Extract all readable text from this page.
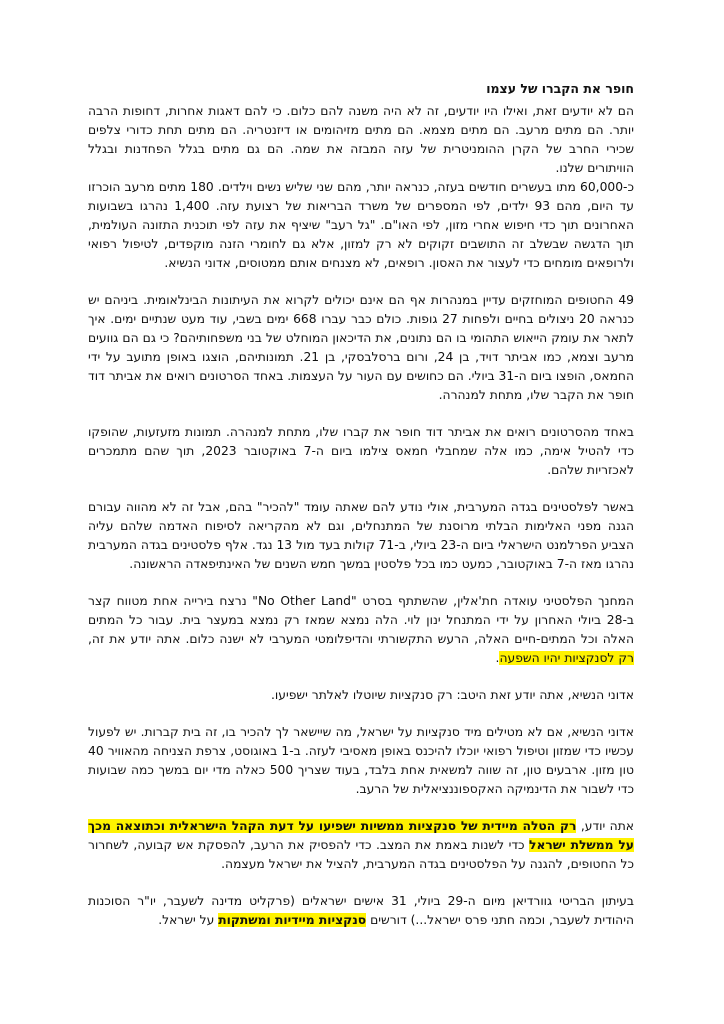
חופר את הקברו של עצמו

הם לא יודעים זאת, ואילו היו יודעים, זה לא היה משנה להם כלום. כי להם דאגות אחרות, דחופות הרבה יותר. הם מתים מרעב. הם מתים מצמא. הם מתים מזיהומים או דיזנטריה. הם מתים תחת כדורי צלפים שכירי החרב של הקרן ההומניטרית של עזה המבזה את שמה. הם גם מתים בגלל הפחדנות ובגלל הוויתורים שלנו.

כ-60,000 מתו בעשרים חודשים בעזה, כנראה יותר, מהם שני שליש נשים וילדים. 180 מתים מרעב הוכרזו עד היום, מהם 93 ילדים, לפי המספרים של משרד הבריאות של רצועת עזה. 1,400 נהרגו בשבועות האחרונים תוך כדי חיפוש אחרי מזון, לפי האו"ם. "גל רעב" שיציף את עזה לפי תוכנית התזונה העולמית, תוך הדגשה שבשלב זה התושבים זקוקים לא רק למזון, אלא גם לחומרי הזנה מוקפדים, לטיפול רפואי ולרופאים מומחים כדי לעצור את האסון. רופאים, לא מצנחים אותם ממטוסים, אדוני הנשיא.

49 החטופים המוחזקים עדיין במנהרות אף הם אינם יכולים לקרוא את העיתונות הבינלאומית. ביניהם יש כנראה 20 ניצולים בחיים ולפחות 27 גופות. כולם כבר עברו 668 ימים בשבי, עוד מעט שנתיים ימים. איך לתאר את עומק הייאוש התהומי בו הם נתונים, את הדיכאון המוחלט של בני משפחותיהם? כי גם הם גוועים מרעב וצמא, כמו אביתר דויד, בן 24, ורום ברסלבסקי, בן 21. תמונותיהם, הוצגו באופן מתועב על ידי החמאס, הופצו ביום ה-31 ביולי. הם כחושים עם העור על העצמות. באחד הסרטונים רואים את אביתר דוד חופר את הקבר שלו, מתחת למנהרה.

באחד מהסרטונים רואים את אביתר דוד חופר את קברו שלו, מתחת למנהרה. תמונות מזעזעות, שהופקו כדי להטיל אימה, כמו אלה שמחבלי חמאס צילמו ביום ה-7 באוקטובר 2023, תוך שהם מתמכרים לאכזריות שלהם.

באשר לפלסטינים בגדה המערבית, אולי נודע להם שאתה עומד "להכיר" בהם, אבל זה לא מהווה עבורם הגנה מפני האלימות הבלתי מרוסנת של המתנחלים, וגם לא מהקריאה לסיפוח האדמה שלהם עליה הצביע הפרלמנט הישראלי ביום ה-23 ביולי, ב-71 קולות בעד מול 13 נגד. אלף פלסטינים בגדה המערבית נהרגו מאז ה-7 באוקטובר, כמעט כמו בכל פלסטין במשך חמש השנים של האינתיפאדה הראשונה.

המחנך הפלסטיני עואדה חת'אלין, שהשתתף בסרט "No Other Land" נרצח בירייה אחת מטווח קצר ב-28 ביולי האחרון על ידי המתנחל ינון לוי. הלה נמצא שמאז רק נמצא במעצר בית. עבור כל המתים האלה וכל המתים-חיים האלה, הרעש התקשורתי והדיפלומטי המערבי לא ישנה כלום. אתה יודע את זה, רק לסנקציות יהיו השפעה.

אדוני הנשיא, אתה יודע זאת היטב: רק סנקציות שיוטלו לאלתר ישפיעו.

אדוני הנשיא, אם לא מטילים מיד סנקציות על ישראל, מה שיישאר לך להכיר בו, זה בית קברות. יש לפעול עכשיו כדי שמזון וטיפול רפואי יוכלו להיכנס באופן מאסיבי לעזה. ב-1 באוגוסט, צרפת הצניחה מהאוויר 40 טון מזון. ארבעים טון, זה שווה למשאית אחת בלבד, בעוד שצריך 500 כאלה מדי יום במשך כמה שבועות כדי לשבור את הדינמיקה האקספוננציאלית של הרעב.

אתה יודע, רק הטלה מיידית של סנקציות ממשיות ישפיעו על דעת הקהל הישראלית וכתוצאה מכך על ממשלת ישראל כדי לשנות באמת את המצב. כדי להפסיק את הרעב, להפסקת אש קבועה, לשחרור כל החטופים, להגנה על הפלסטינים בגדה המערבית, להציל את ישראל מעצמה.

בעיתון הבריטי גוורדיאן מיום ה-29 ביולי, 31 אישים ישראלים (פרקליט מדינה לשעבר, יו"ר הסוכנות היהודית לשעבר, וכמה חתני פרס ישראל...) דורשים סנקציות מיידיות ומשתקות על ישראל.
